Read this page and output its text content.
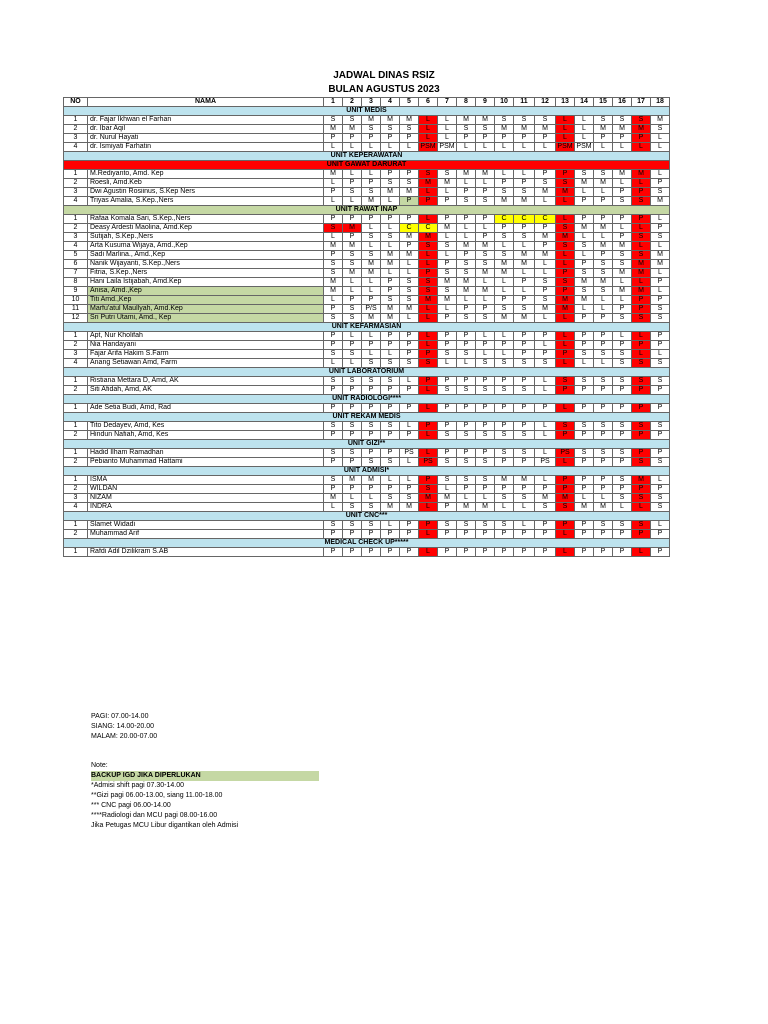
JADWAL DINAS RSIZ
BULAN AGUSTUS 2023
NO	NAMA	1	2	3	4	5	6	7	8	9	10	11	12	13	14	15	16	17	18
UNIT MEDIS																			
1	dr. Fajar Ikhwan el Farhan	S	S	M	M	M	L	L	M	M	S	S	S	L	L	S	S	S	M
2	dr. Ibar Aqil	M	M	S	S	S	L	L	S	S	M	M	M	L	L	M	M	M	S
3	dr. Nurul Hayati	P	P	P	P	P	L	L	P	P	P	P	P	L	L	P	P	P	L
4	dr. Ismiyati Farhatin	L	L	L	L	L	PSM	PSM	L	L	L	L	L	PSM	PSM	L	L	L	L
UNIT KEPERAWATAN																			
UNIT GAWAT DARURAT																			
1	M.Rediyanto, Amd. Kep	M	L	L	P	P	S	S	M	M	L	L	P	P	S	S	M	M	L
2	Roesli, Amd.Keb	L	P	P	S	S	M	M	L	L	P	P	S	S	M	M	L	L	P
3	Dwi Agustin Rosiinus, S.Kep Ners	P	S	S	M	M	L	L	P	P	S	S	M	M	L	L	P	P	S
4	Triyas Amalia, S.Kep.,Ners	L	L	M	L	P	P	P	S	S	M	M	L	L	P	P	S	S	M
UNIT RAWAT INAP																			
1	Rafaa Komala Sari, S.Kep.,Ners	P	P	P	P	P	L	P	P	P	C	C	C	L	P	P	P	P	L
2	Deasy Ardesti Maolina, Amd.Kep	S	M	L	L	C	C	M	L	L	P	P	P	S	M	M	L	L	P
3	Sutijah, S.Kep.,Ners	L	P	S	S	M	M	L	L	P	S	S	M	M	L	L	P	S	S
4	Arta Kusuma Wijaya, Amd.,Kep	M	M	L	L	P	S	S	M	M	L	L	P	S	S	M	M	L	L
5	Sadi Marlina., Amd.,Kep	P	S	S	M	M	L	L	P	S	S	M	M	L	L	P	S	S	M
6	Nanik Wijayanti, S.Kep.,Ners	S	S	M	M	L	L	P	S	S	M	M	L	L	P	S	S	M	M
7	Fitria, S.Kep.,Ners	S	M	M	L	L	P	S	S	M	M	L	L	P	S	S	M	M	L
8	Hani Laila Istijabah, Amd.Kep	M	L	L	P	S	S	M	M	L	L	P	S	S	M	M	L	L	P
9	Anisa, Amd.,Kep	M	L	L	P	S	S	S	M	M	L	L	P	P	S	S	M	M	L
10	Titi Amd.,Kep	L	P	P	S	S	M	M	L	L	P	P	S	M	M	L	L	P	P
11	Marfu'atul Maullyah, Amd.Kep	P	S	P/S	M	M	L	L	P	P	S	S	M	M	L	L	P	P	S
12	Sri Putri Utami, Amd., Kep	S	S	M	M	L	L	P	S	S	M	M	L	L	P	P	S	S	S
UNIT KEFARMASIAN																			
1	Apt, Nur Kholifah	P	L	L	P	P	L	P	P	L	L	P	P	L	P	P	L	L	P
2	Nia Handayani	P	P	P	P	P	L	P	P	P	P	P	L	L	P	P	P	P	P
3	Fajar Arifa Hakim S.Farm	S	S	L	L	P	P	S	S	L	L	P	P	P	S	S	S	L	L
4	Anang Setiawan Amd, Farm	L	L	S	S	S	S	L	L	S	S	S	S	L	L	L	S	S	S
UNIT LABORATORIUM																			
1	Ristiana Mettara D, Amd, AK	S	S	S	S	L	P	P	P	P	P	P	L	S	S	S	S	S	S
2	Siti Afidah, Amd, AK	P	P	P	P	P	L	S	S	S	S	S	L	P	P	P	P	P	P
UNIT RADIOLOGI****																			
1	Ade Setia Budi, Amd, Rad	P	P	P	P	P	L	P	P	P	P	P	P	L	P	P	P	P	P
UNIT REKAM MEDIS																			
1	Tito Dedayev, Amd, Kes	S	S	S	S	L	P	P	P	P	P	P	L	S	S	S	S	S	S
2	Hindun Nafiah, Amd, Kes	P	P	P	P	P	L	S	S	S	S	S	L	P	P	P	P	P	P
UNIT GIZI**																			
1	Hadid Ilham Ramadhan	S	S	P	P	PS	L	P	P	P	S	S	L	PS	S	S	S	P	P
2	Pebianto Muhammad Hattami	P	P	S	S	L	PS	S	S	S	P	P	PS	L	P	P	P	S	S
UNIT ADMISI*																			
1	ISMA	S	M	M	L	L	P	S	S	S	M	M	L	P	P	P	S	M	L
2	WILDAN	P	P	P	P	P	S	L	P	P	P	P	P	P	P	P	P	P	P
3	NIZAM	M	L	L	S	S	M	M	L	L	S	S	M	M	L	L	S	S	S
4	INDRA	L	S	S	M	M	L	P	M	M	L	L	S	S	M	M	L	L	S
UNIT CNC***																			
1	Slamet Widadi	S	S	S	L	P	P	S	S	S	S	L	P	P	P	S	S	S	L
2	Muhammad Arif	P	P	P	P	P	L	P	P	P	P	P	P	L	P	P	P	P	P
MEDICAL CHECK UP*****																			
1	Rafdi Adil Dzilikram S.AB	P	P	P	P	P	L	P	P	P	P	P	P	L	P	P	P	L	P
PAGI: 07.00-14.00
SIANG: 14.00-20.00
MALAM: 20.00-07.00
Note:
BACKUP IGD JIKA DIPERLUKAN
*Admisi shift pagi 07.30-14.00
**Gizi pagi 06.00-13.00, siang 11.00-18.00
*** CNC pagi 06.00-14.00
****Radiologi dan MCU pagi 08.00-16.00
Jika Petugas MCU Libur digantikan oleh Admisi
